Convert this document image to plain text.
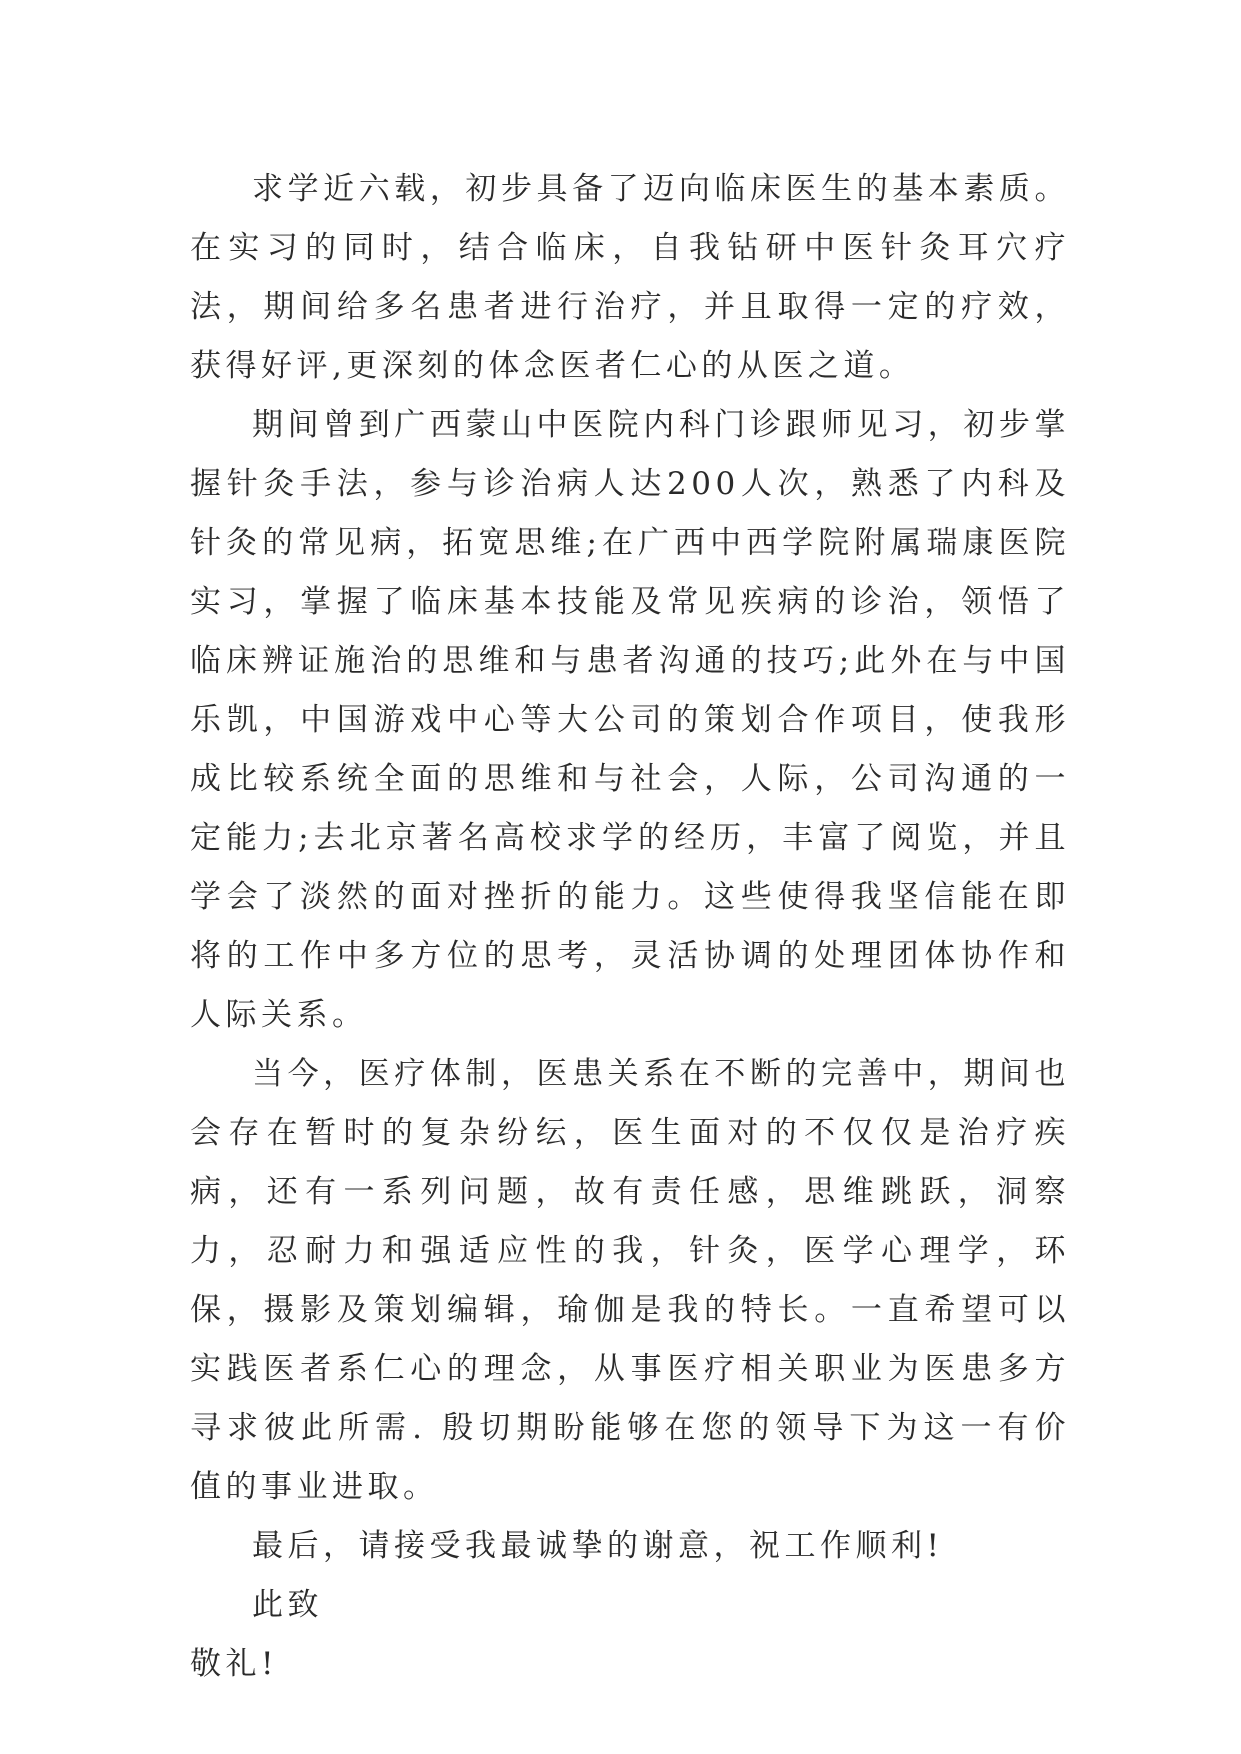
求学近六载，初步具备了迈向临床医生的基本素质。在实习的同时，结合临床，自我钻研中医针灸耳穴疗法，期间给多名患者进行治疗，并且取得一定的疗效，获得好评,更深刻的体念医者仁心的从医之道。

期间曾到广西蒙山中医院内科门诊跟师见习，初步掌握针灸手法，参与诊治病人达200人次，熟悉了内科及针灸的常见病，拓宽思维;在广西中西学院附属瑞康医院实习，掌握了临床基本技能及常见疾病的诊治，领悟了临床辨证施治的思维和与患者沟通的技巧;此外在与中国乐凯，中国游戏中心等大公司的策划合作项目，使我形成比较系统全面的思维和与社会，人际，公司沟通的一定能力;去北京著名高校求学的经历，丰富了阅览，并且学会了淡然的面对挫折的能力。这些使得我坚信能在即将的工作中多方位的思考，灵活协调的处理团体协作和人际关系。

当今，医疗体制，医患关系在不断的完善中，期间也会存在暂时的复杂纷纭，医生面对的不仅仅是治疗疾病，还有一系列问题，故有责任感，思维跳跃，洞察力，忍耐力和强适应性的我，针灸，医学心理学，环保，摄影及策划编辑，瑜伽是我的特长。一直希望可以实践医者系仁心的理念，从事医疗相关职业为医患多方寻求彼此所需. 殷切期盼能够在您的领导下为这一有价值的事业进取。

最后，请接受我最诚挚的谢意，祝工作顺利!

此致

敬礼!
